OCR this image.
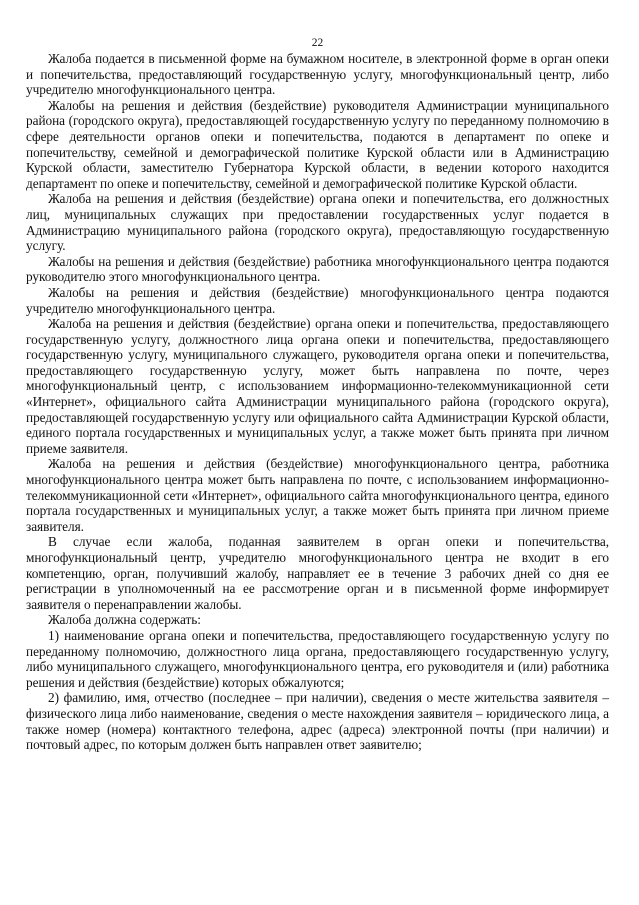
22

Жалоба подается в письменной форме на бумажном носителе, в электронной форме в орган опеки и попечительства, предоставляющий государственную услугу, многофункциональный центр, либо учредителю многофункционального центра.

Жалобы на решения и действия (бездействие) руководителя Администрации муниципального района (городского округа), предоставляющей государственную услугу по переданному полномочию в сфере деятельности органов опеки и попечительства, подаются в департамент по опеке и попечительству, семейной и демографической политике Курской области или в Администрацию Курской области, заместителю Губернатора Курской области, в ведении которого находится департамент по опеке и попечительству, семейной и демографической политике Курской области.

Жалоба на решения и действия (бездействие) органа опеки и попечительства, его должностных лиц, муниципальных служащих при предоставлении государственных услуг подается в Администрацию муниципального района (городского округа), предоставляющую государственную услугу.

Жалобы на решения и действия (бездействие) работника многофункционального центра подаются руководителю этого многофункционального центра.

Жалобы на решения и действия (бездействие) многофункционального центра подаются учредителю многофункционального центра.

Жалоба на решения и действия (бездействие) органа опеки и попечительства, предоставляющего государственную услугу, должностного лица органа опеки и попечительства, предоставляющего государственную услугу, муниципального служащего, руководителя органа опеки и попечительства, предоставляющего государственную услугу, может быть направлена по почте, через многофункциональный центр, с использованием информационно-телекоммуникационной сети «Интернет», официального сайта Администрации муниципального района (городского округа), предоставляющей государственную услугу или официального сайта Администрации Курской области, единого портала государственных и муниципальных услуг, а также может быть принята при личном приеме заявителя.

Жалоба на решения и действия (бездействие) многофункционального центра, работника многофункционального центра может быть направлена по почте, с использованием информационно-телекоммуникационной сети «Интернет», официального сайта многофункционального центра, единого портала государственных и муниципальных услуг, а также может быть принята при личном приеме заявителя.

В случае если жалоба, поданная заявителем в орган опеки и попечительства, многофункциональный центр, учредителю многофункционального центра не входит в его компетенцию, орган, получивший жалобу, направляет ее в течение 3 рабочих дней со дня ее регистрации в уполномоченный на ее рассмотрение орган и в письменной форме информирует заявителя о перенаправлении жалобы.

Жалоба должна содержать:

1) наименование органа опеки и попечительства, предоставляющего государственную услугу по переданному полномочию, должностного лица органа, предоставляющего государственную услугу, либо муниципального служащего, многофункционального центра, его руководителя и (или) работника решения и действия (бездействие) которых обжалуются;

2) фамилию, имя, отчество (последнее – при наличии), сведения о месте жительства заявителя – физического лица либо наименование, сведения о месте нахождения заявителя – юридического лица, а также номер (номера) контактного телефона, адрес (адреса) электронной почты (при наличии) и почтовый адрес, по которым должен быть направлен ответ заявителю;
